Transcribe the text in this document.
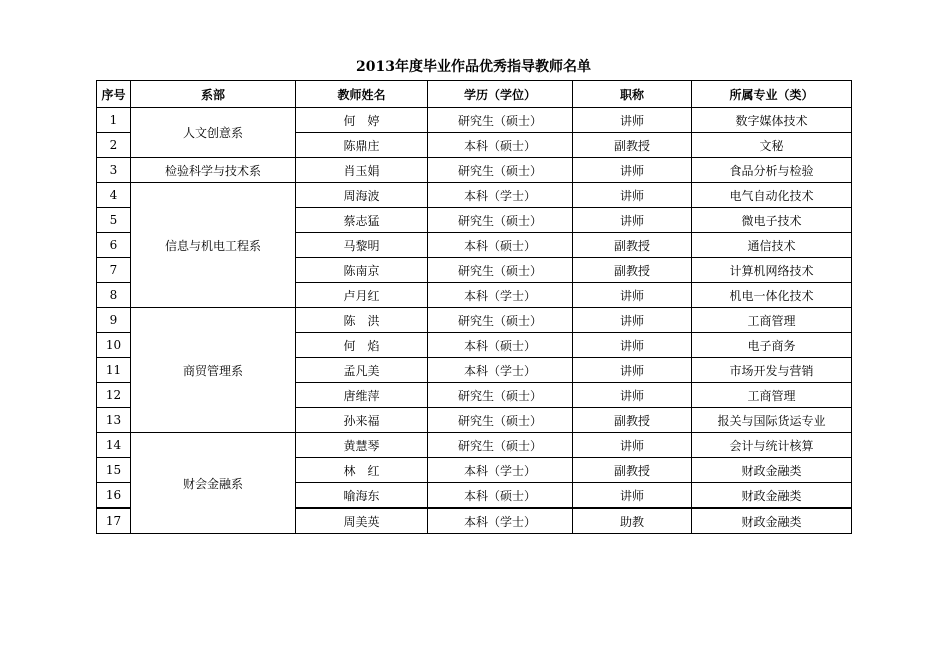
2013年度毕业作品优秀指导教师名单
序号	系部	教师姓名	学历（学位）	职称	所属专业（类）
1	人文创意系	何　婷	研究生（硕士）	讲师	数字媒体技术
2		陈鼎庄	本科（硕士）	副教授	文秘
3	检验科学与技术系	肖玉娟	研究生（硕士）	讲师	食品分析与检验
4	信息与机电工程系	周海波	本科（学士）	讲师	电气自动化技术
5		蔡志猛	研究生（硕士）	讲师	微电子技术
6		马黎明	本科（硕士）	副教授	通信技术
7		陈南京	研究生（硕士）	副教授	计算机网络技术
8		卢月红	本科（学士）	讲师	机电一体化技术
9	商贸管理系	陈　洪	研究生（硕士）	讲师	工商管理
10		何　焰	本科（硕士）	讲师	电子商务
11		孟凡美	本科（学士）	讲师	市场开发与营销
12		唐维萍	研究生（硕士）	讲师	工商管理
13		孙来福	研究生（硕士）	副教授	报关与国际货运专业
14	财会金融系	黄慧琴	研究生（硕士）	讲师	会计与统计核算
15		林　红	本科（学士）	副教授	财政金融类
16		喻海东	本科（硕士）	讲师	财政金融类
17		周美英	本科（学士）	助教	财政金融类
